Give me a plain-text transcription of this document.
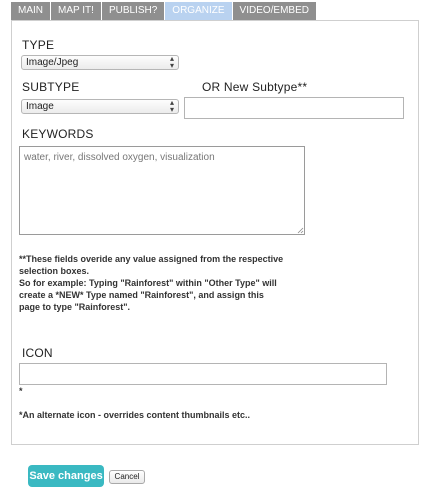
MAIN	MAP IT!	PUBLISH?	ORGANIZE	VIDEO/EMBED
TYPE
Image/Jpeg	▴
▾
SUBTYPE
Image	▴
▾
OR New Subtype**
KEYWORDS
water, river, dissolved oxygen, visualization
**These fields overide any value assigned from the respective
selection boxes.
So for example: Typing "Rainforest" within "Other Type" will
create a *NEW* Type named "Rainforest", and assign this
page to type "Rainforest".
ICON
*
*An alternate icon - overrides content thumbnails etc..
Save changes	Cancel
